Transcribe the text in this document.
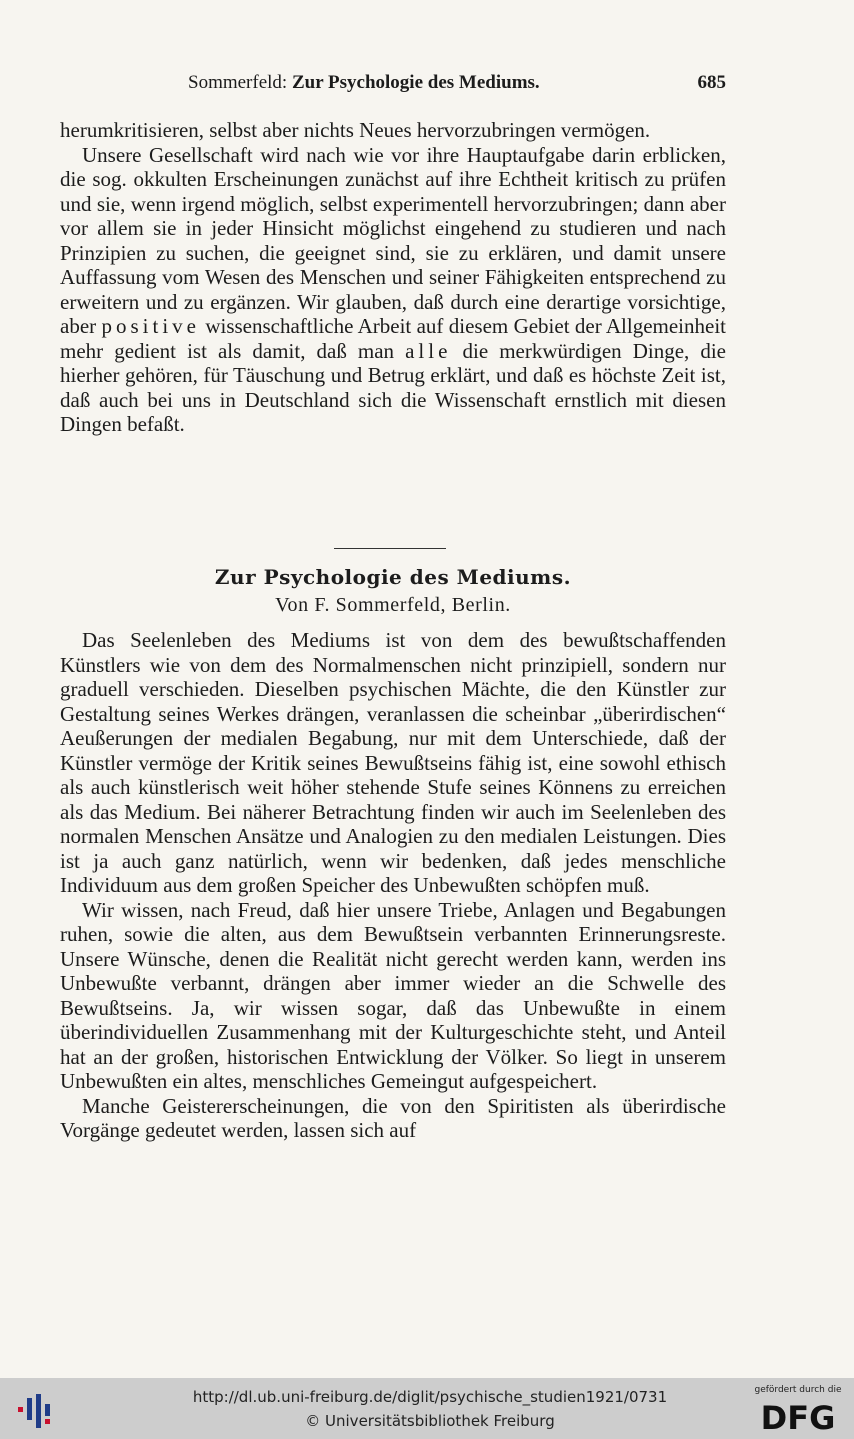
Sommerfeld: Zur Psychologie des Mediums.	685

herumkritisieren, selbst aber nichts Neues hervorzubringen vermögen.

Unsere Gesellschaft wird nach wie vor ihre Hauptaufgabe darin erblicken, die sog. okkulten Erscheinungen zunächst auf ihre Echtheit kritisch zu prüfen und sie, wenn irgend möglich, selbst experimentell hervorzubringen; dann aber vor allem sie in jeder Hinsicht möglichst eingehend zu studieren und nach Prinzipien zu suchen, die geeignet sind, sie zu erklären, und damit unsere Auffassung vom Wesen des Menschen und seiner Fähigkeiten entsprechend zu erweitern und zu ergänzen. Wir glauben, daß durch eine derartige vorsichtige, aber positive wissenschaftliche Arbeit auf diesem Gebiet der Allgemeinheit mehr gedient ist als damit, daß man alle die merkwürdigen Dinge, die hierher gehören, für Täuschung und Betrug erklärt, und daß es höchste Zeit ist, daß auch bei uns in Deutschland sich die Wissenschaft ernstlich mit diesen Dingen befaßt.

Zur Psychologie des Mediums.
Von F. Sommerfeld, Berlin.

Das Seelenleben des Mediums ist von dem des bewußtschaffenden Künstlers wie von dem des Normalmenschen nicht prinzipiell, sondern nur graduell verschieden. Dieselben psychischen Mächte, die den Künstler zur Gestaltung seines Werkes drängen, veranlassen die scheinbar „überirdischen“ Aeußerungen der medialen Begabung, nur mit dem Unterschiede, daß der Künstler vermöge der Kritik seines Bewußtseins fähig ist, eine sowohl ethisch als auch künstlerisch weit höher stehende Stufe seines Könnens zu erreichen als das Medium. Bei näherer Betrachtung finden wir auch im Seelenleben des normalen Menschen Ansätze und Analogien zu den medialen Leistungen. Dies ist ja auch ganz natürlich, wenn wir bedenken, daß jedes menschliche Individuum aus dem großen Speicher des Unbewußten schöpfen muß.

Wir wissen, nach Freud, daß hier unsere Triebe, Anlagen und Begabungen ruhen, sowie die alten, aus dem Bewußtsein verbannten Erinnerungsreste. Unsere Wünsche, denen die Realität nicht gerecht werden kann, werden ins Unbewußte verbannt, drängen aber immer wieder an die Schwelle des Bewußtseins. Ja, wir wissen sogar, daß das Unbewußte in einem überindividuellen Zusammenhang mit der Kulturgeschichte steht, und Anteil hat an der großen, historischen Entwicklung der Völker. So liegt in unserem Unbewußten ein altes, menschliches Gemeingut aufgespeichert.

Manche Geistererscheinungen, die von den Spiritisten als überirdische Vorgänge gedeutet werden, lassen sich auf

http://dl.ub.uni-freiburg.de/diglit/psychische_studien1921/0731
© Universitätsbibliothek Freiburg
gefördert durch die
DFG
